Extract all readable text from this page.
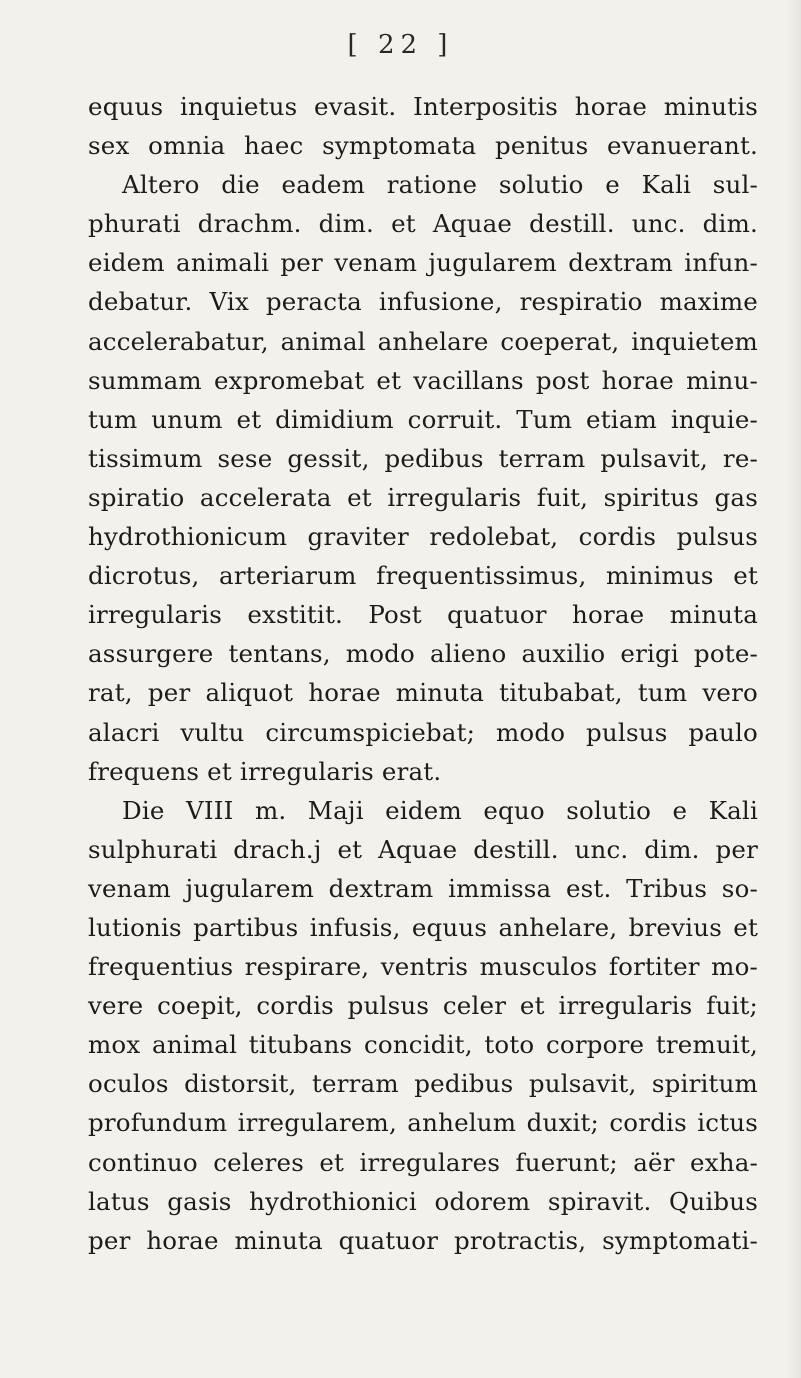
[ 22 ]
equus inquietus evasit. Interpositis horae minutis
sex omnia haec symptomata penitus evanuerant.
Altero die eadem ratione solutio e Kali sul-
phurati drachm. dim. et Aquae destill. unc. dim.
eidem animali per venam jugularem dextram infun-
debatur. Vix peracta infusione, respiratio maxime
accelerabatur, animal anhelare coeperat, inquietem
summam expromebat et vacillans post horae minu-
tum unum et dimidium corruit. Tum etiam inquie-
tissimum sese gessit, pedibus terram pulsavit, re-
spiratio accelerata et irregularis fuit, spiritus gas
hydrothionicum graviter redolebat, cordis pulsus
dicrotus, arteriarum frequentissimus, minimus et
irregularis exstitit. Post quatuor horae minuta
assurgere tentans, modo alieno auxilio erigi pote-
rat, per aliquot horae minuta titubabat, tum vero
alacri vultu circumspiciebat; modo pulsus paulo
frequens et irregularis erat.
Die VIII m. Maji eidem equo solutio e Kali
sulphurati drach.j et Aquae destill. unc. dim. per
venam jugularem dextram immissa est. Tribus so-
lutionis partibus infusis, equus anhelare, brevius et
frequentius respirare, ventris musculos fortiter mo-
vere coepit, cordis pulsus celer et irregularis fuit;
mox animal titubans concidit, toto corpore tremuit,
oculos distorsit, terram pedibus pulsavit, spiritum
profundum irregularem, anhelum duxit; cordis ictus
continuo celeres et irregulares fuerunt; aër exha-
latus gasis hydrothionici odorem spiravit. Quibus
per horae minuta quatuor protractis, symptomati-
